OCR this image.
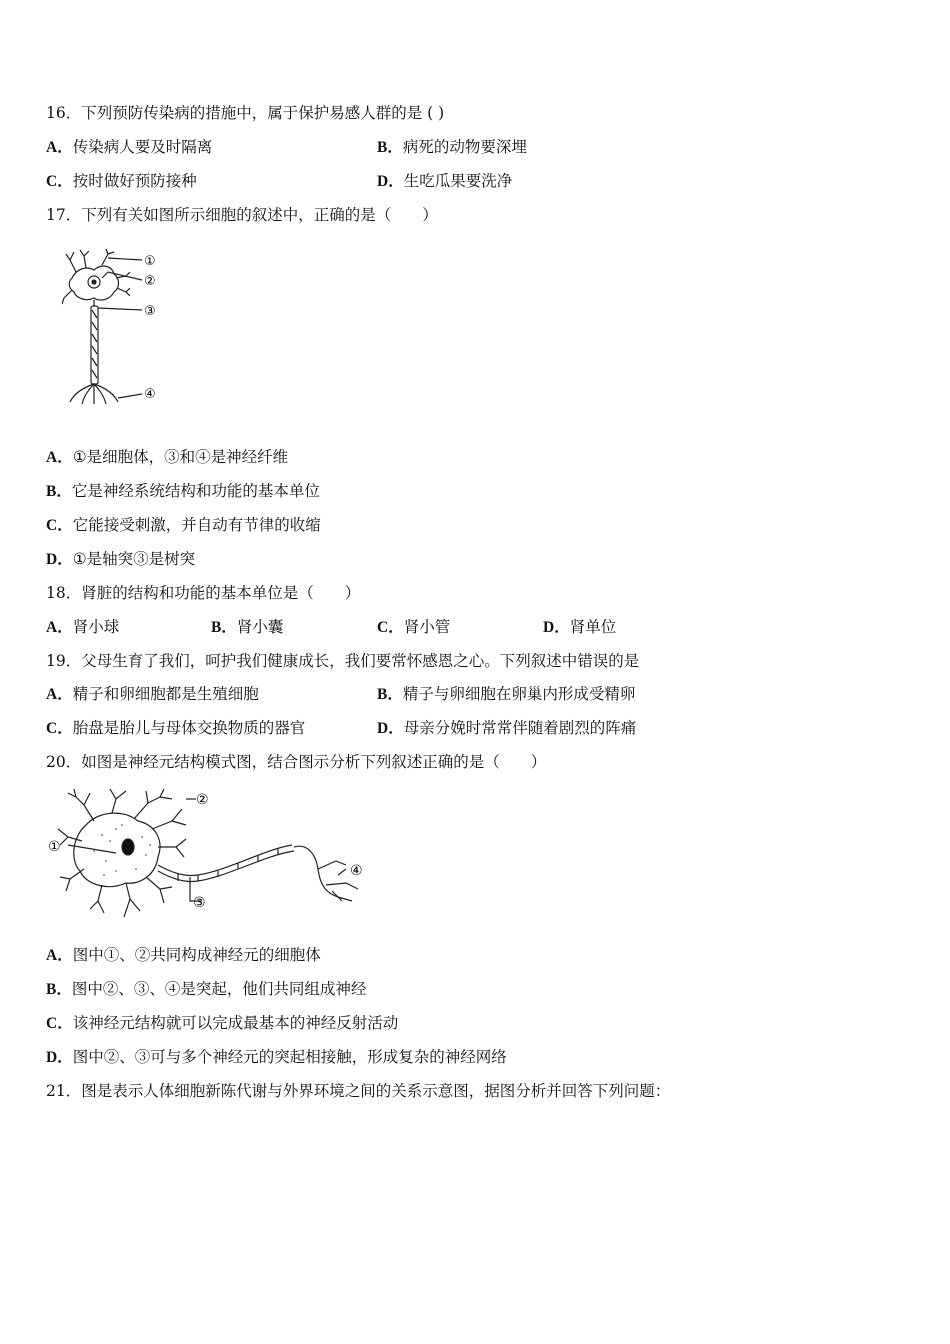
16．下列预防传染病的措施中，属于保护易感人群的是 ( )
A．传染病人要及时隔离	B．病死的动物要深埋
C．按时做好预防接种	D．生吃瓜果要洗净
17．下列有关如图所示细胞的叙述中，正确的是（　　）
①
②
③
④
A．①是细胞体，③和④是神经纤维
B．它是神经系统结构和功能的基本单位
C．它能接受刺激，并自动有节律的收缩
D．①是轴突③是树突
18．肾脏的结构和功能的基本单位是（　　）
A．肾小球	B．肾小囊	C．肾小管	D．肾单位
19．父母生育了我们，呵护我们健康成长，我们要常怀感恩之心。下列叙述中错误的是
A．精子和卵细胞都是生殖细胞	B．精子与卵细胞在卵巢内形成受精卵
C．胎盘是胎儿与母体交换物质的器官	D．母亲分娩时常常伴随着剧烈的阵痛
20．如图是神经元结构模式图，结合图示分析下列叙述正确的是（　　）
②
①
③
④
A．图中①、②共同构成神经元的细胞体
B．图中②、③、④是突起，他们共同组成神经
C．该神经元结构就可以完成最基本的神经反射活动
D．图中②、③可与多个神经元的突起相接触，形成复杂的神经网络
21．图是表示人体细胞新陈代谢与外界环境之间的关系示意图，据图分析并回答下列问题：
